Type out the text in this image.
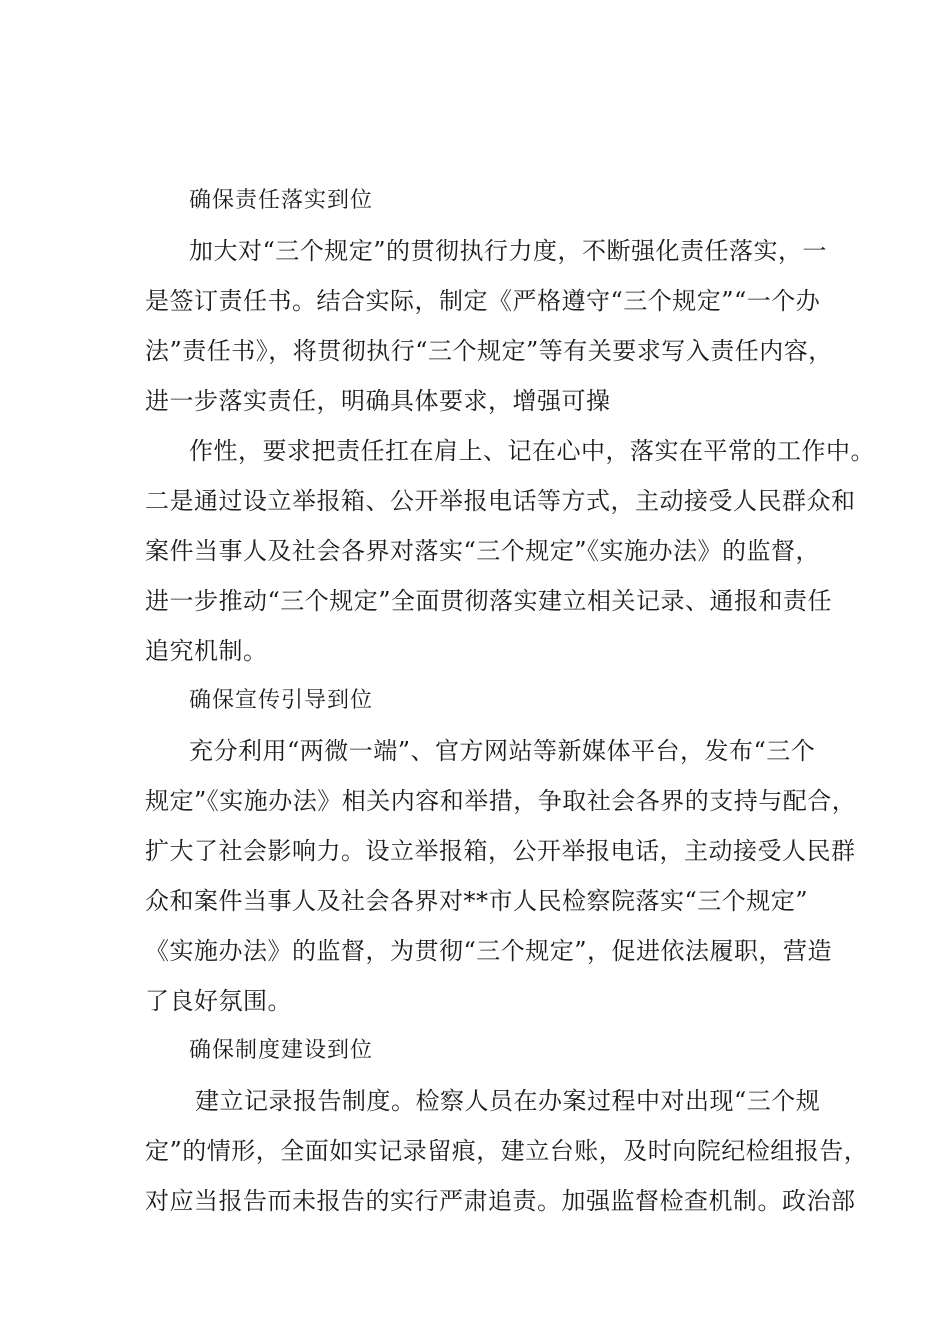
确保责任落实到位
加大对“三个规定”的贯彻执行力度，不断强化责任落实，一
是签订责任书。结合实际，制定《严格遵守“三个规定”“一个办
法”责任书》，将贯彻执行“三个规定”等有关要求写入责任内容，
进一步落实责任，明确具体要求，增强可操
作性，要求把责任扛在肩上、记在心中，落实在平常的工作中。
二是通过设立举报箱、公开举报电话等方式，主动接受人民群众和
案件当事人及社会各界对落实“三个规定”《实施办法》的监督，
进一步推动“三个规定”全面贯彻落实建立相关记录、通报和责任
追究机制。
确保宣传引导到位
充分利用“两微一端”、官方网站等新媒体平台，发布“三个
规定”《实施办法》相关内容和举措，争取社会各界的支持与配合，
扩大了社会影响力。设立举报箱，公开举报电话，主动接受人民群
众和案件当事人及社会各界对**市人民检察院落实“三个规定”
《实施办法》的监督，为贯彻“三个规定”，促进依法履职，营造
了良好氛围。
确保制度建设到位
建立记录报告制度。检察人员在办案过程中对出现“三个规
定”的情形，全面如实记录留痕，建立台账，及时向院纪检组报告，
对应当报告而未报告的实行严肃追责。加强监督检查机制。政治部
